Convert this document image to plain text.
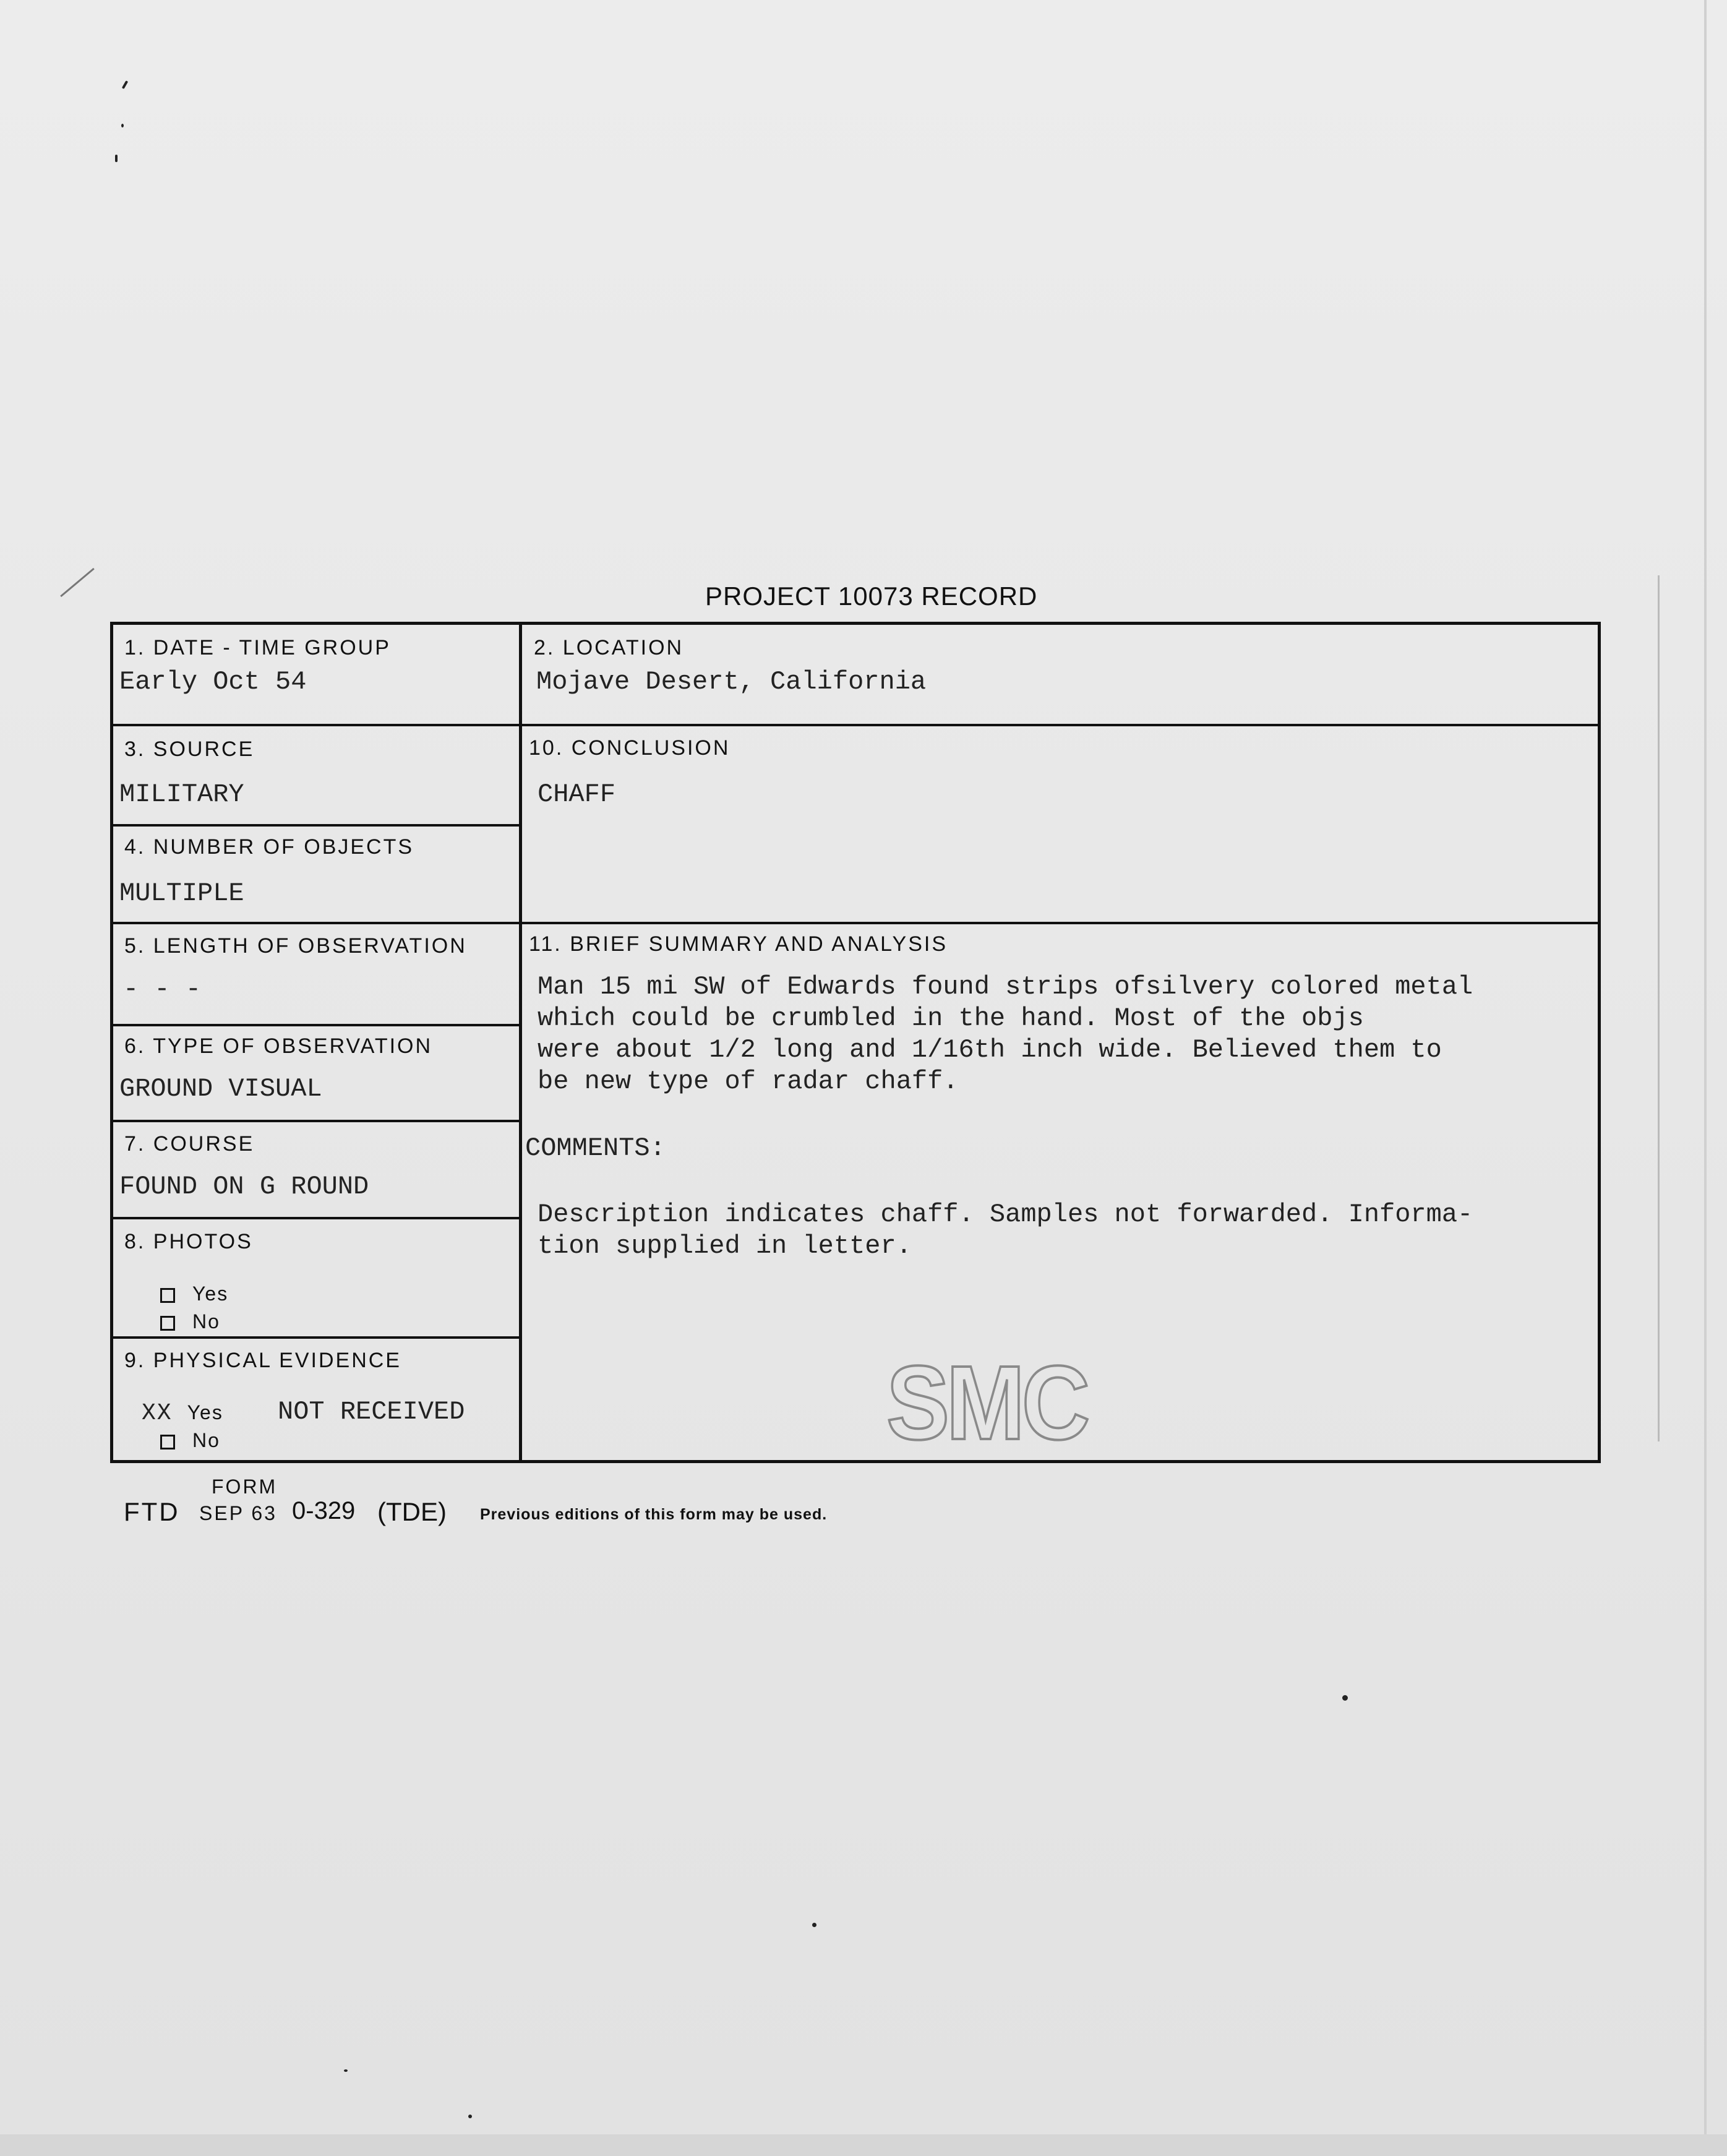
PROJECT 10073 RECORD
1. DATE - TIME GROUP
Early Oct 54
2. LOCATION
Mojave Desert, California
3. SOURCE
MILITARY
4. NUMBER OF OBJECTS
MULTIPLE
5. LENGTH OF OBSERVATION
- - -
6. TYPE OF OBSERVATION
GROUND VISUAL
7. COURSE
FOUND ON G ROUND
8. PHOTOS
Yes
No
9. PHYSICAL EVIDENCE
XX Yes NOT RECEIVED
No
10. CONCLUSION
CHAFF
11. BRIEF SUMMARY AND ANALYSIS
Man 15 mi SW of Edwards found strips ofsilvery colored metal
which could be crumbled in the hand. Most of the objs
were about 1/2 long and 1/16th inch wide. Believed them to
be new type of radar chaff.
COMMENTS:
Description indicates chaff. Samples not forwarded. Informa-
tion supplied in letter.
SMC
FORM
FTD SEP 63 0-329 (TDE) Previous editions of this form may be used.
